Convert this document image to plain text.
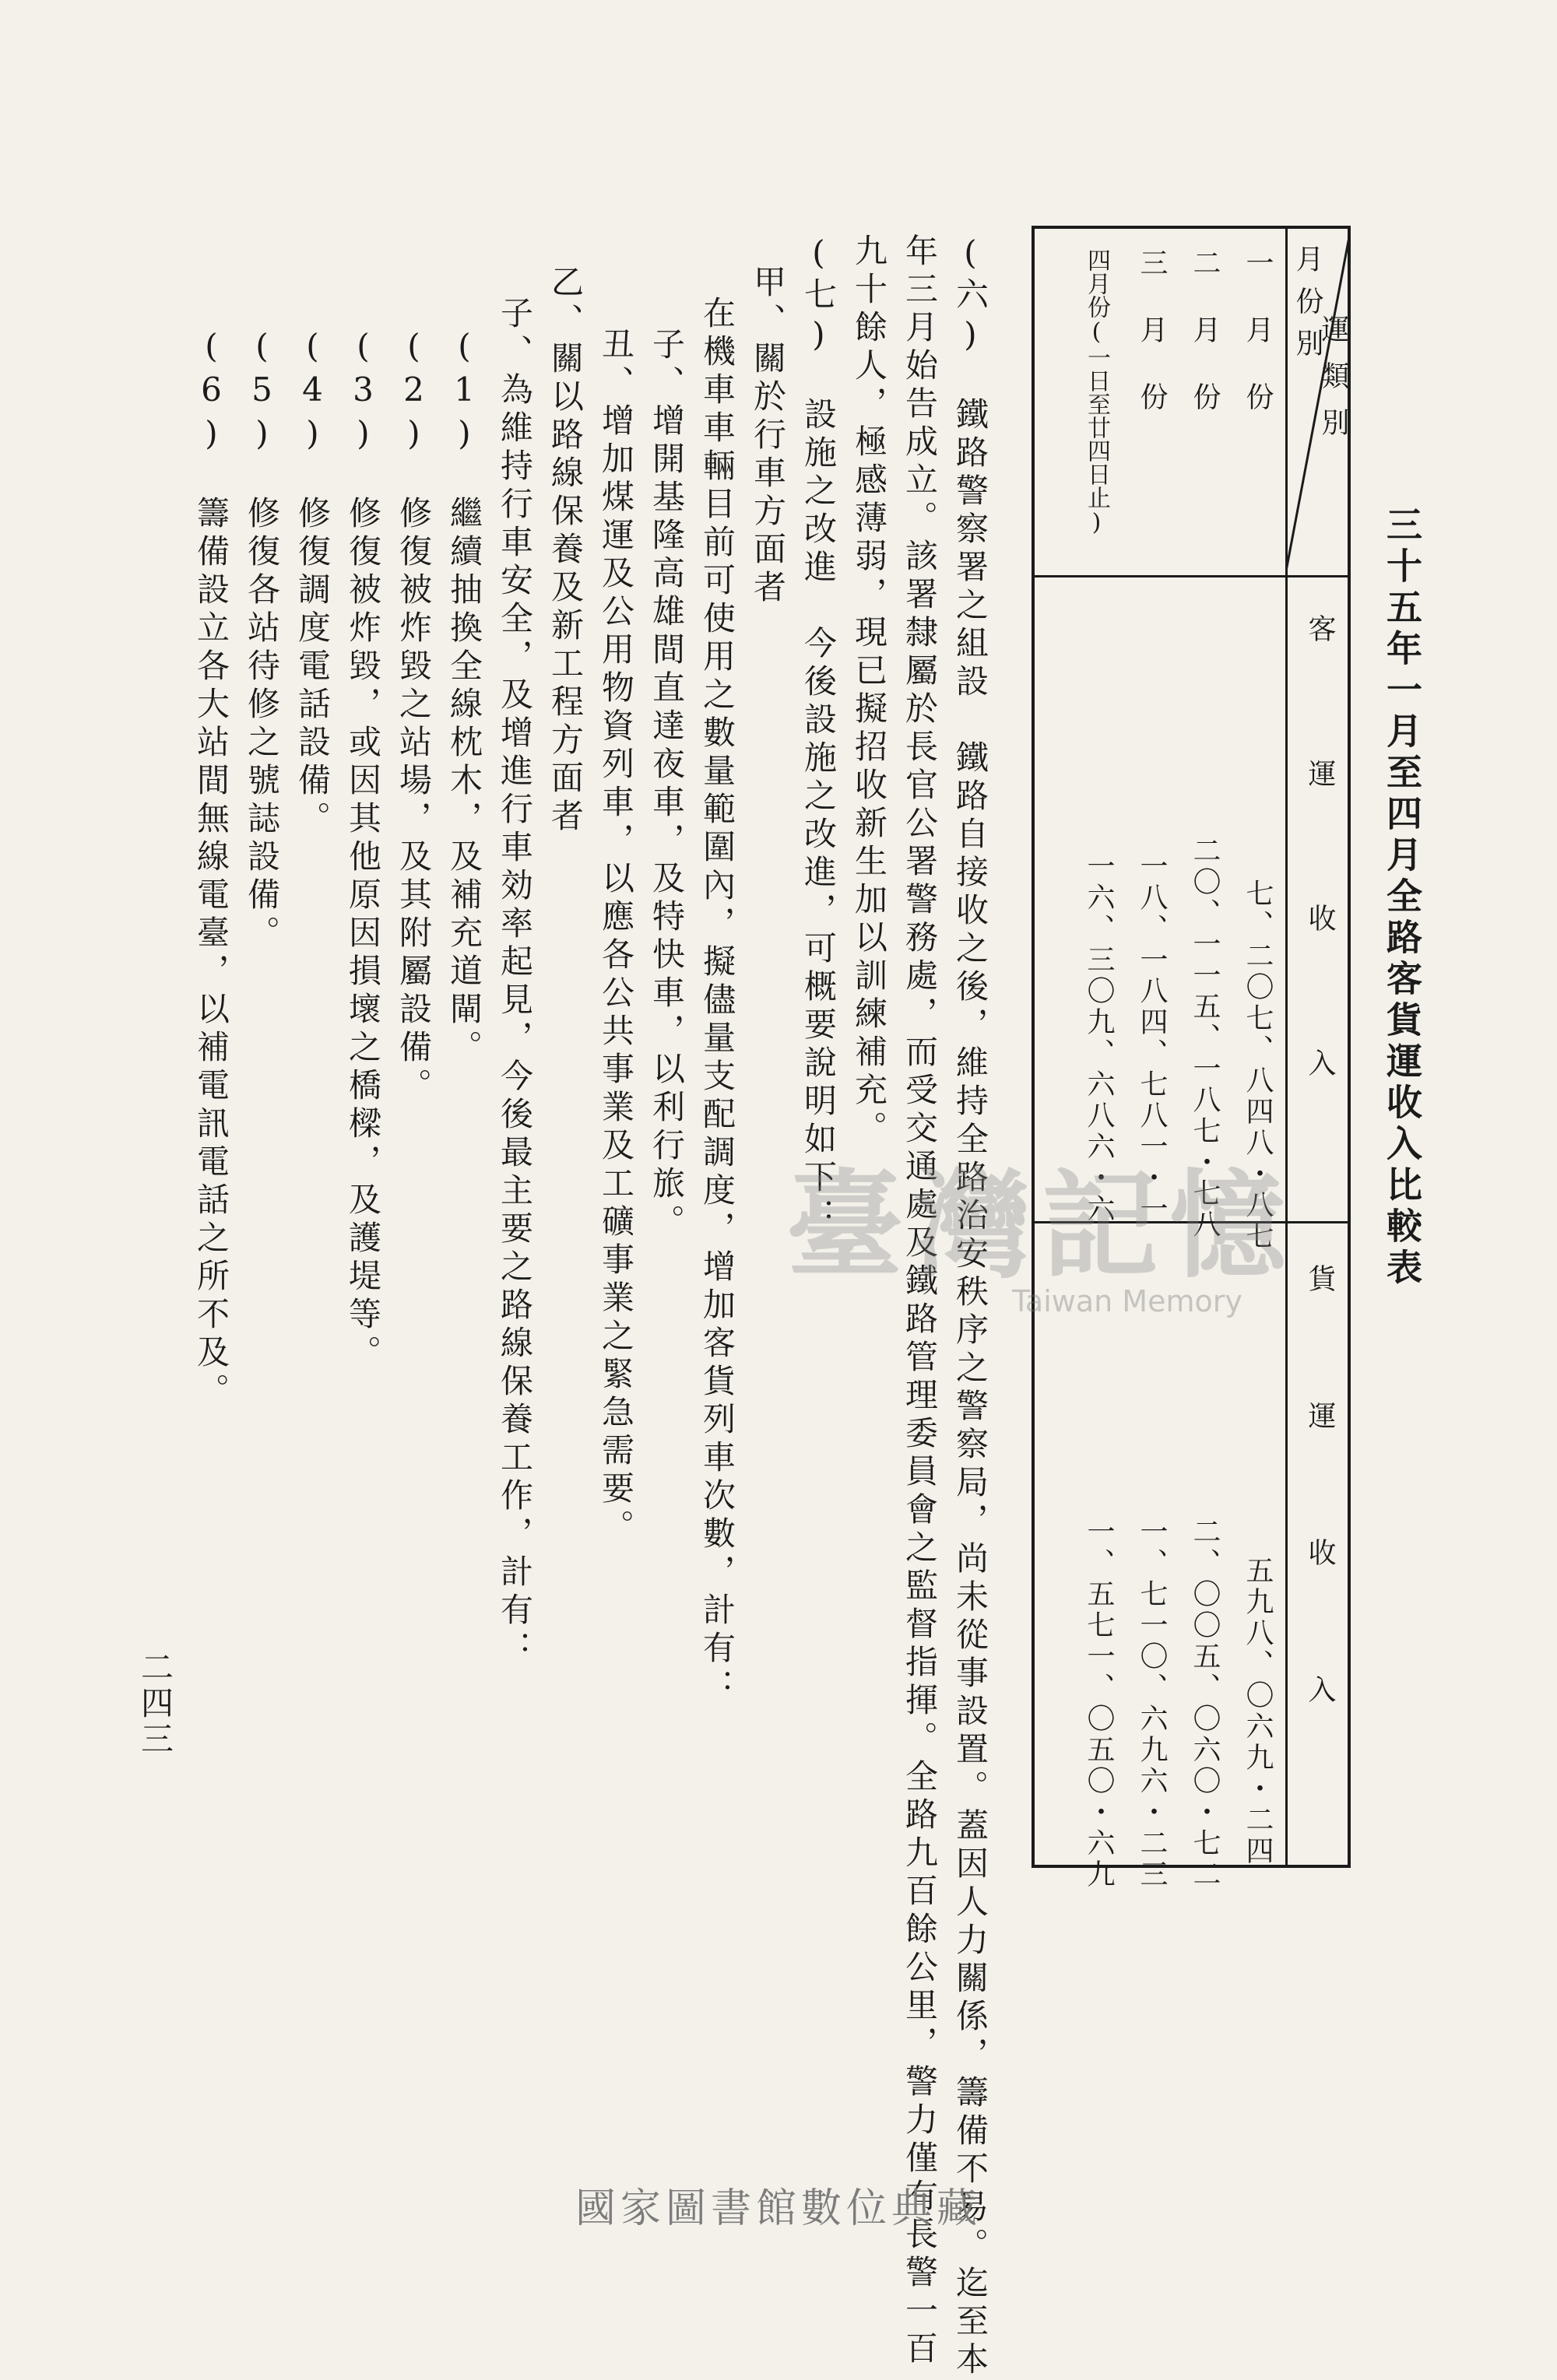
三十五年一月至四月全路客貨運收入比較表
運類別
月份別
客運收入
貨運收入
一月份
二月份
三月份
四月份(一日至廿四日止)
七、二〇七、八四八・八七
二〇、一一五、一八七・七八
一八、一八四、七八一・一
一六、三〇九、六八六・六
五九八、〇六九・二四
二、〇〇五、〇六〇・七二
一、七一〇、六九六・二三
一、五七一、〇五〇・六九
(六)　鐵路警察署之組設　鐵路自接收之後，維持全路治安秩序之警察局，尚未從事設置。蓋因人力關係，籌備不易。迄至本
年三月始告成立。該署隸屬於長官公署警務處，而受交通處及鐵路管理委員會之監督指揮。全路九百餘公里，警力僅有長警一百
九十餘人，極感薄弱，現已擬招收新生加以訓練補充。
(七)　設施之改進　今後設施之改進，可概要說明如下：
甲、關於行車方面者
在機車車輛目前可使用之數量範圍內，擬儘量支配調度，增加客貨列車次數，計有：
子、增開基隆高雄間直達夜車，及特快車，以利行旅。
丑、增加煤運及公用物資列車，以應各公共事業及工礦事業之緊急需要。
乙、關以路線保養及新工程方面者
子、為維持行車安全，及增進行車効率起見，今後最主要之路線保養工作，計有：
(1)　繼續抽換全線枕木，及補充道閘。
(2)　修復被炸毀之站場，及其附屬設備。
(3)　修復被炸毀，或因其他原因損壞之橋樑，及護堤等。
(4)　修復調度電話設備。
(5)　修復各站待修之號誌設備。
(6)　籌備設立各大站間無線電臺，以補電訊電話之所不及。
二四三
臺灣記憶
Taiwan Memory
國家圖書館數位典藏
